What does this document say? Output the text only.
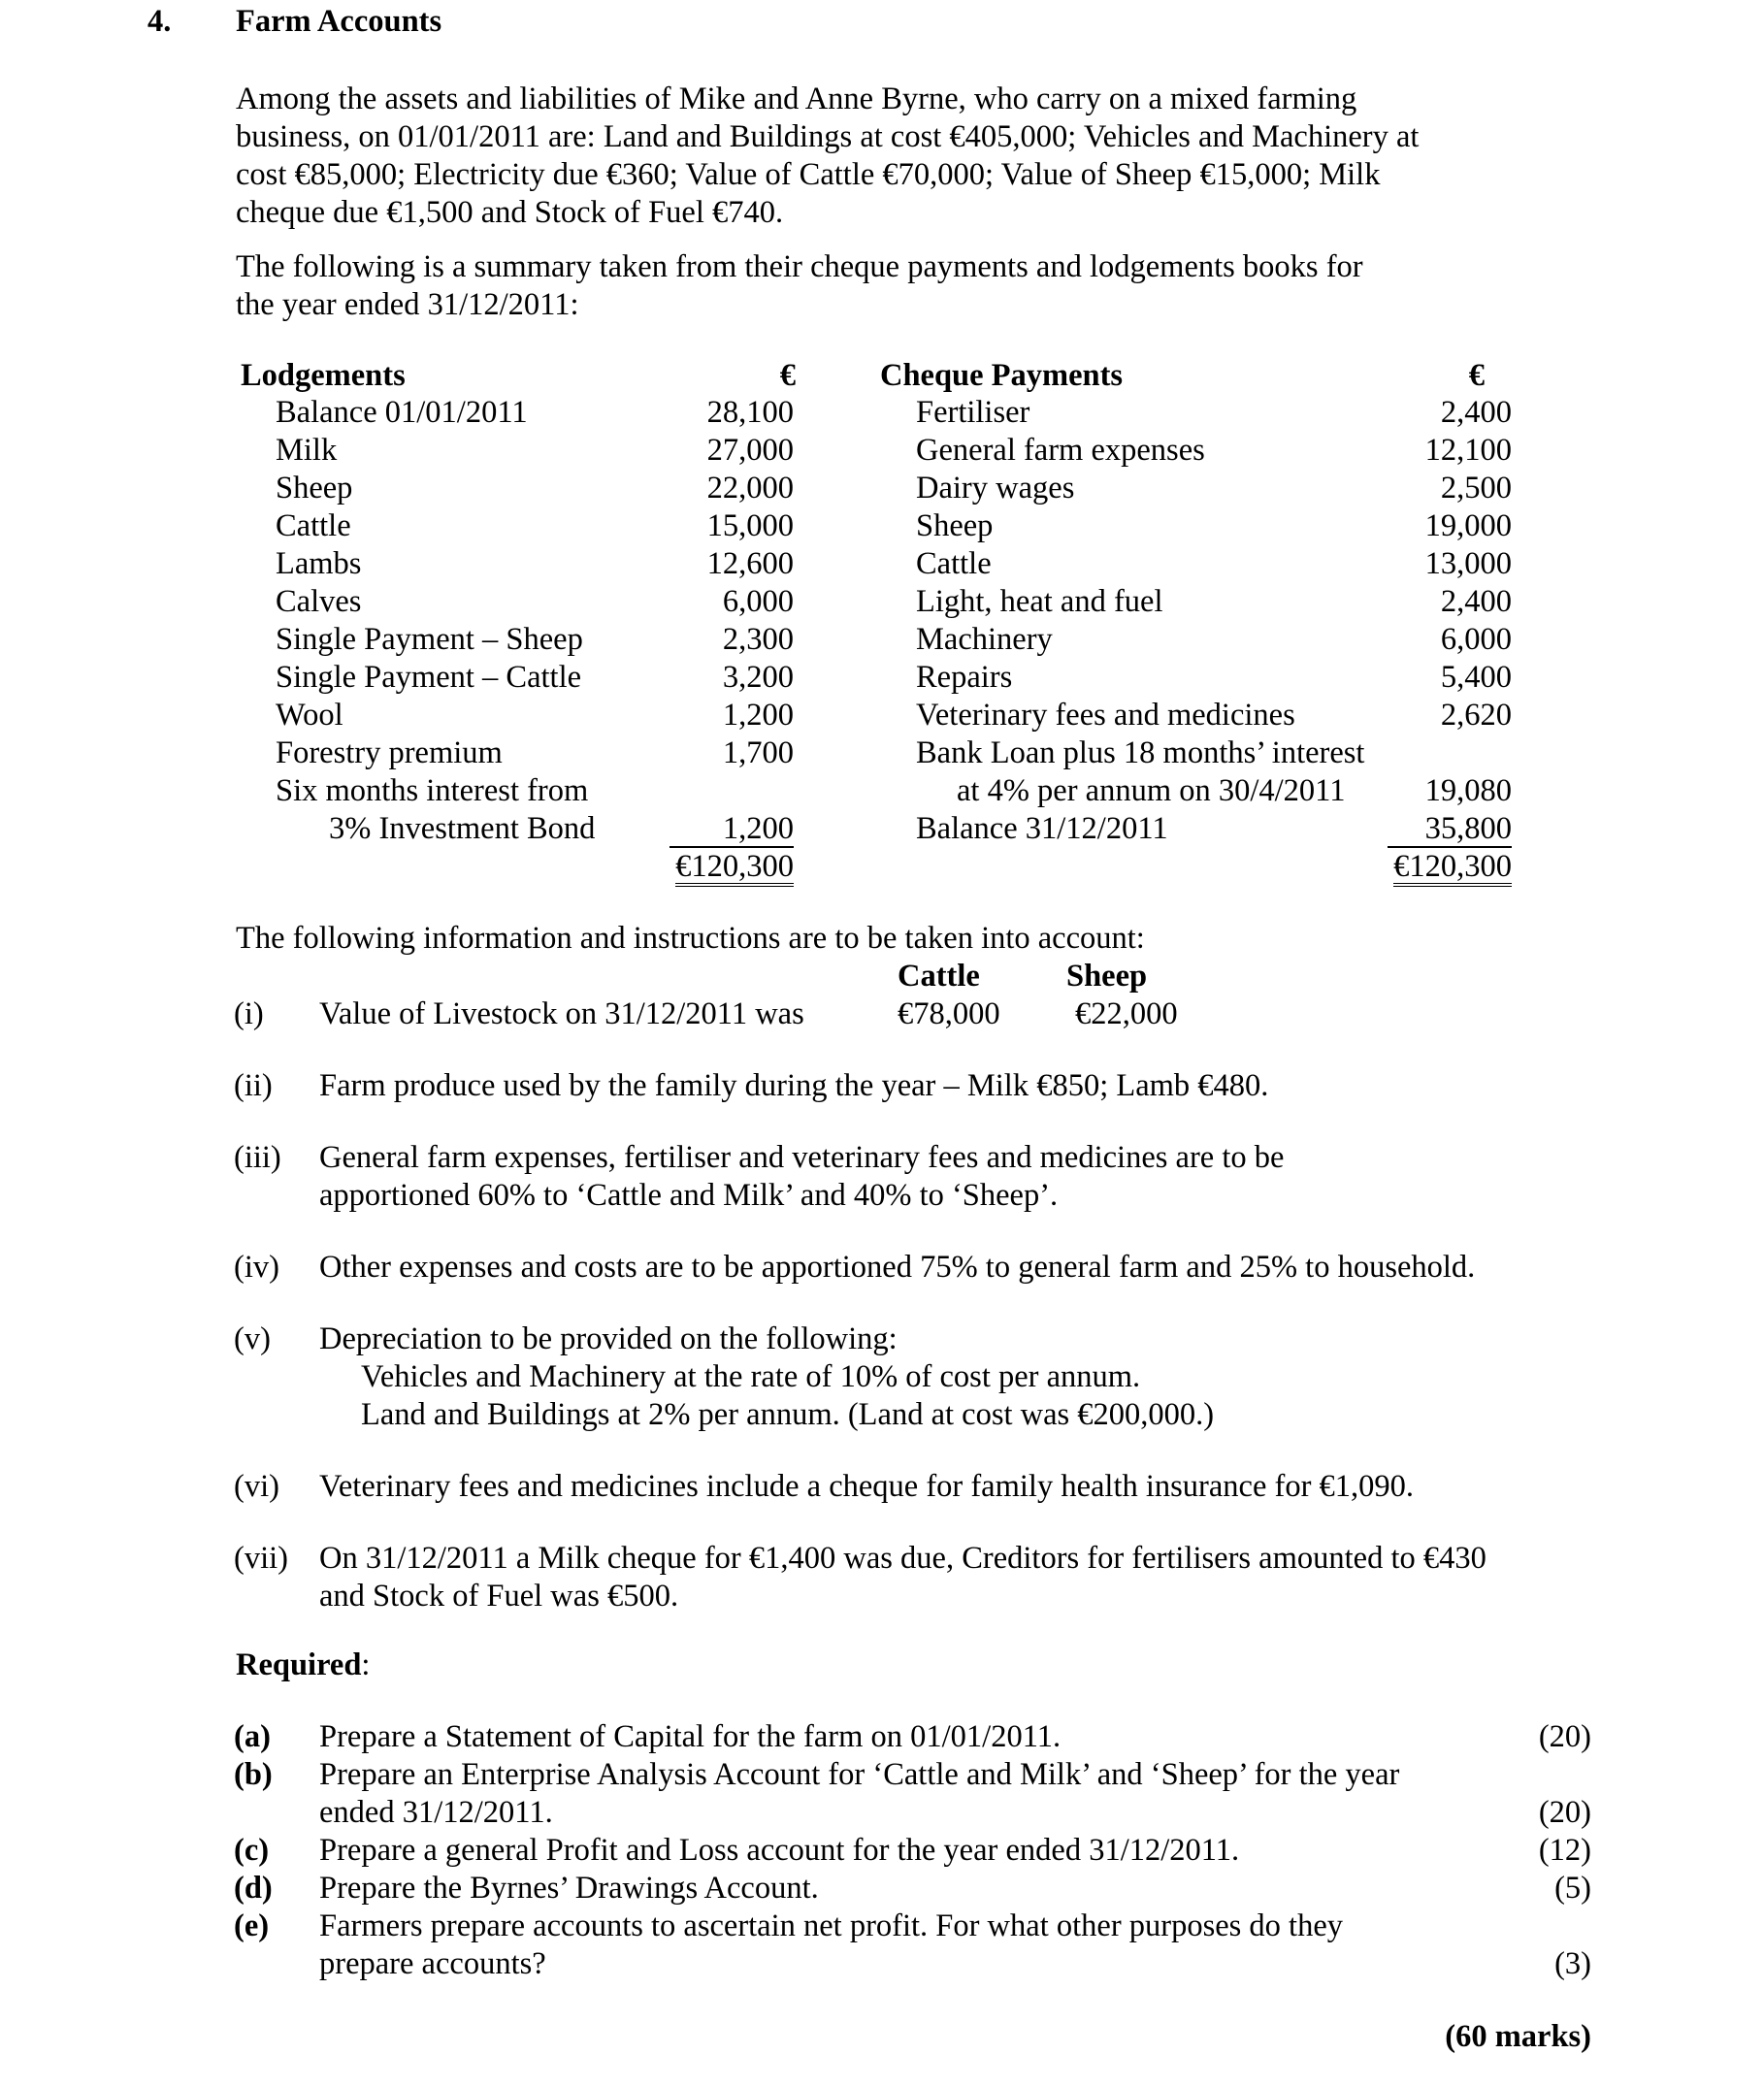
4. Farm Accounts
Among the assets and liabilities of Mike and Anne Byrne, who carry on a mixed farming
business, on 01/01/2011 are: Land and Buildings at cost €405,000; Vehicles and Machinery at
cost €85,000; Electricity due €360; Value of Cattle €70,000; Value of Sheep €15,000; Milk
cheque due €1,500 and Stock of Fuel €740.
The following is a summary taken from their cheque payments and lodgements books for
the year ended 31/12/2011:
Lodgements	€
Balance 01/01/2011	28,100
Milk	27,000
Sheep	22,000
Cattle	15,000
Lambs	12,600
Calves	6,000
Single Payment – Sheep	2,300
Single Payment – Cattle	3,200
Wool	1,200
Forestry premium	1,700
Six months interest from
3% Investment Bond	1,200
€120,300
Cheque Payments	€
Fertiliser	2,400
General farm expenses	12,100
Dairy wages	2,500
Sheep	19,000
Cattle	13,000
Light, heat and fuel	2,400
Machinery	6,000
Repairs	5,400
Veterinary fees and medicines	2,620
Bank Loan plus 18 months’ interest
at 4% per annum on 30/4/2011	19,080
Balance 31/12/2011	35,800
€120,300
The following information and instructions are to be taken into account:
Cattle	Sheep
(i) Value of Livestock on 31/12/2011 was	€78,000 €22,000
(ii) Farm produce used by the family during the year – Milk €850; Lamb €480.
(iii) General farm expenses, fertiliser and veterinary fees and medicines are to be
apportioned 60% to ‘Cattle and Milk’ and 40% to ‘Sheep’.
(iv) Other expenses and costs are to be apportioned 75% to general farm and 25% to household.
(v) Depreciation to be provided on the following:
Vehicles and Machinery at the rate of 10% of cost per annum.
Land and Buildings at 2% per annum. (Land at cost was €200,000.)
(vi) Veterinary fees and medicines include a cheque for family health insurance for €1,090.
(vii) On 31/12/2011 a Milk cheque for €1,400 was due, Creditors for fertilisers amounted to €430
and Stock of Fuel was €500.
Required:
(a) Prepare a Statement of Capital for the farm on 01/01/2011.	(20)
(b) Prepare an Enterprise Analysis Account for ‘Cattle and Milk’ and ‘Sheep’ for the year
ended 31/12/2011.	(20)
(c) Prepare a general Profit and Loss account for the year ended 31/12/2011.	(12)
(d) Prepare the Byrnes’ Drawings Account.	(5)
(e) Farmers prepare accounts to ascertain net profit. For what other purposes do they
prepare accounts?	(3)
(60 marks)
